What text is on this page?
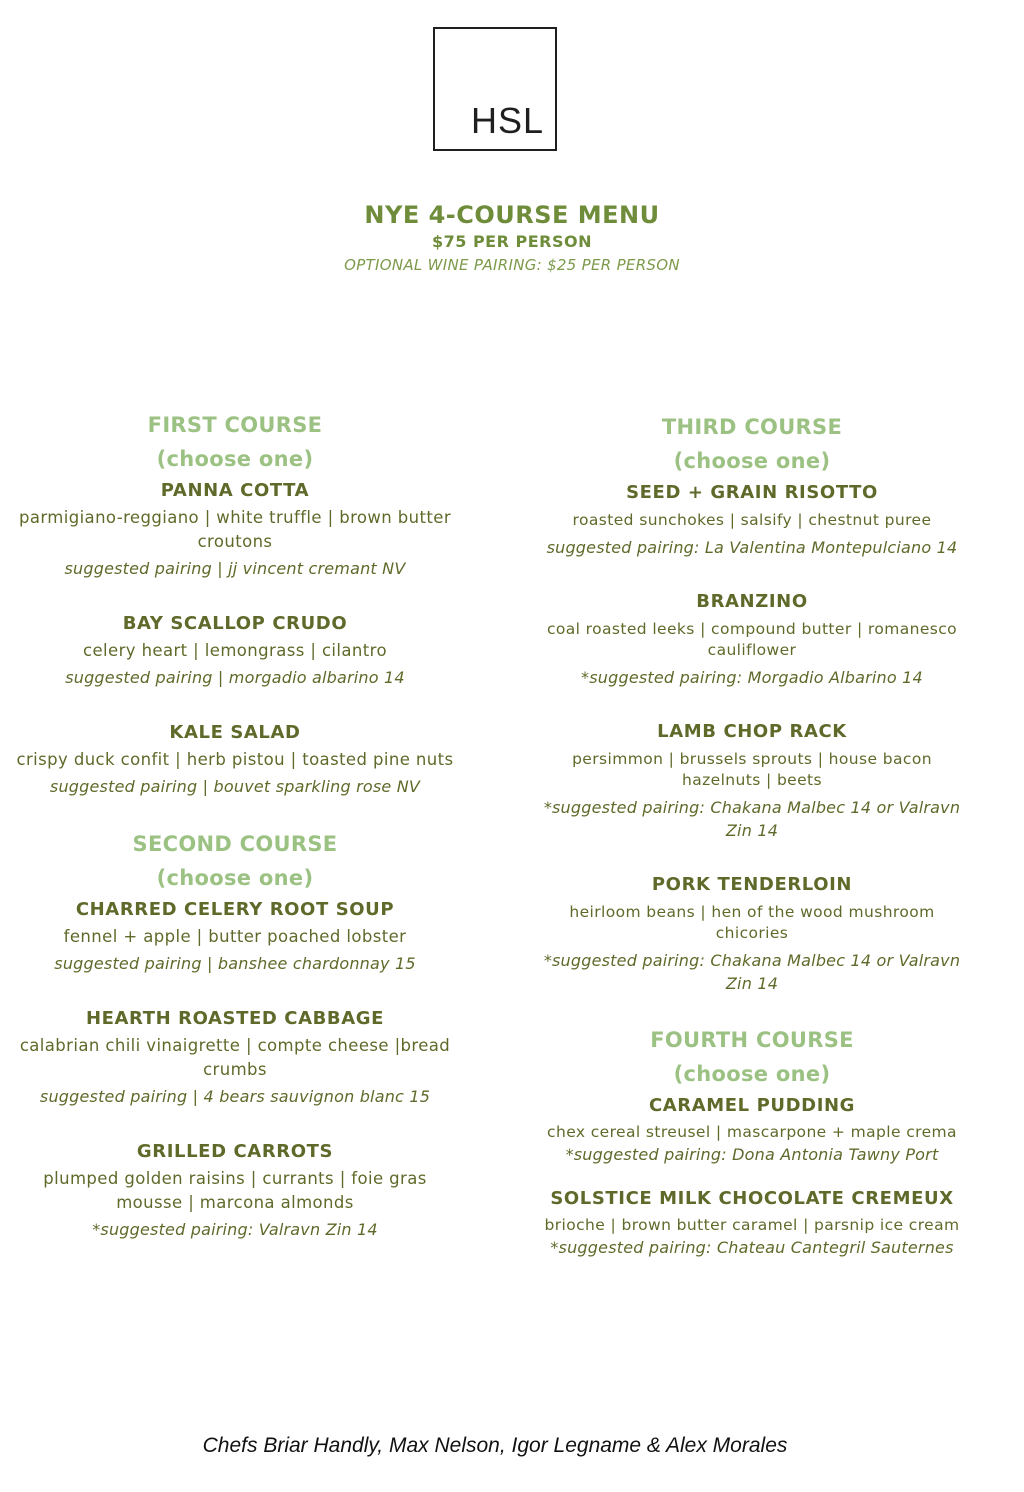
HSL
NYE 4-COURSE MENU
$75 PER PERSON
OPTIONAL WINE PAIRING: $25 PER PERSON
FIRST COURSE
(choose one)
PANNA COTTA
parmigiano-reggiano | white truffle | brown butter croutons
suggested pairing | jj vincent cremant NV
BAY SCALLOP CRUDO
celery heart | lemongrass | cilantro
suggested pairing | morgadio albarino 14
KALE SALAD
crispy duck confit | herb pistou | toasted pine nuts
suggested pairing | bouvet sparkling rose NV
SECOND COURSE
(choose one)
CHARRED CELERY ROOT SOUP
fennel + apple | butter poached lobster
suggested pairing | banshee chardonnay 15
HEARTH ROASTED CABBAGE
calabrian chili vinaigrette | compte cheese |bread crumbs
suggested pairing | 4 bears sauvignon blanc 15
GRILLED CARROTS
plumped golden raisins | currants | foie gras mousse | marcona almonds
*suggested pairing: Valravn Zin 14
THIRD COURSE
(choose one)
SEED + GRAIN RISOTTO
roasted sunchokes | salsify | chestnut puree
suggested pairing: La Valentina Montepulciano 14
BRANZINO
coal roasted leeks | compound butter | romanesco cauliflower
*suggested pairing: Morgadio Albarino 14
LAMB CHOP RACK
persimmon | brussels sprouts | house bacon hazelnuts | beets
*suggested pairing: Chakana Malbec 14 or Valravn Zin 14
PORK TENDERLOIN
heirloom beans | hen of the wood mushroom chicories
*suggested pairing: Chakana Malbec 14 or Valravn Zin 14
FOURTH COURSE
(choose one)
CARAMEL PUDDING
chex cereal streusel | mascarpone + maple crema
*suggested pairing: Dona Antonia Tawny Port
SOLSTICE MILK CHOCOLATE CREMEUX
brioche | brown butter caramel | parsnip ice cream
*suggested pairing: Chateau Cantegril Sauternes
Chefs Briar Handly, Max Nelson, Igor Legname & Alex Morales
